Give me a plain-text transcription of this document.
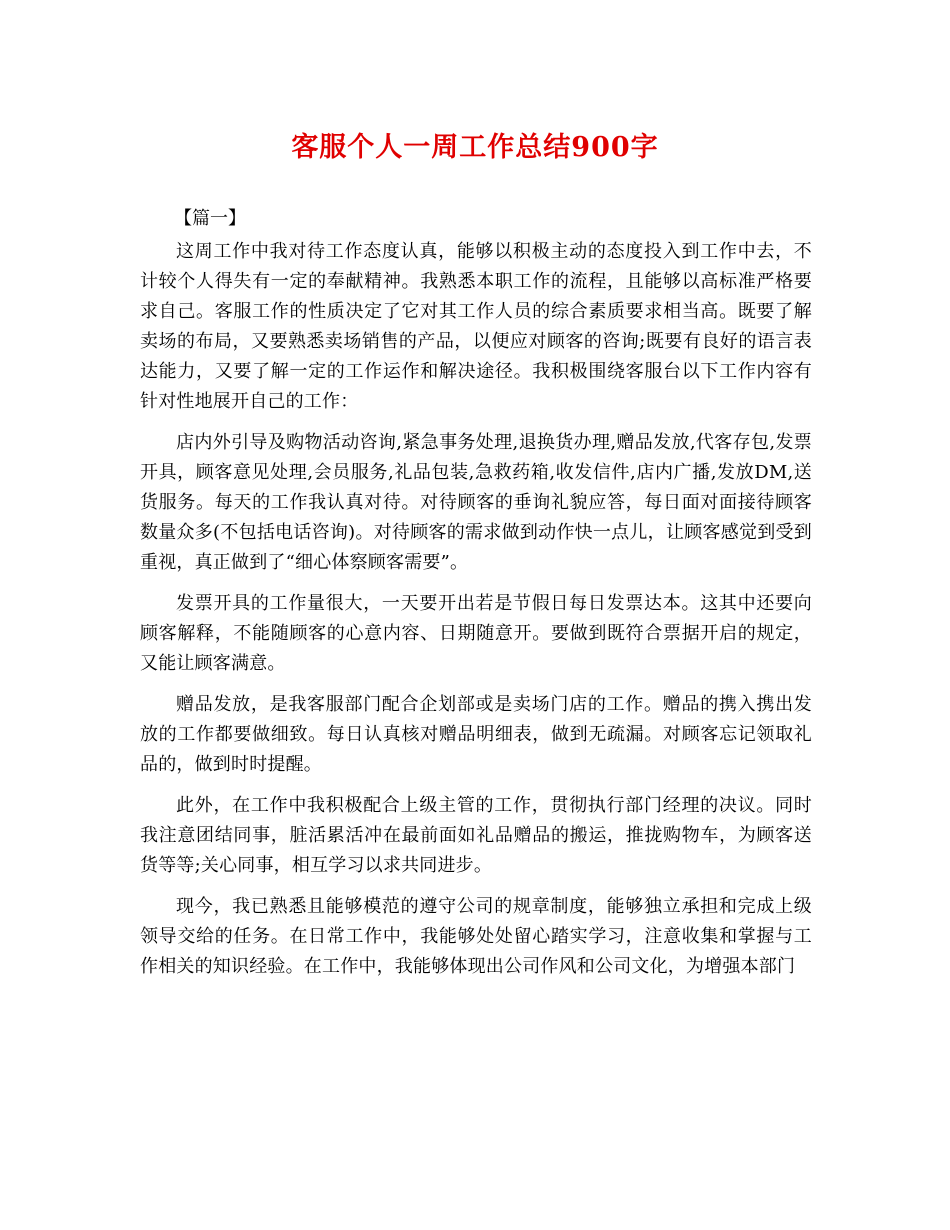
客服个人一周工作总结900字

【篇一】

这周工作中我对待工作态度认真，能够以积极主动的态度投入到工作中去，不计较个人得失有一定的奉献精神。我熟悉本职工作的流程，且能够以高标准严格要求自己。客服工作的性质决定了它对其工作人员的综合素质要求相当高。既要了解卖场的布局，又要熟悉卖场销售的产品，以便应对顾客的咨询;既要有良好的语言表达能力，又要了解一定的工作运作和解决途径。我积极围绕客服台以下工作内容有针对性地展开自己的工作：

店内外引导及购物活动咨询,紧急事务处理,退换货办理,赠品发放,代客存包,发票开具，顾客意见处理,会员服务,礼品包装,急救药箱,收发信件,店内广播,发放DM,送货服务。每天的工作我认真对待。对待顾客的垂询礼貌应答，每日面对面接待顾客数量众多(不包括电话咨询)。对待顾客的需求做到动作快一点儿，让顾客感觉到受到重视，真正做到了“细心体察顾客需要”。

发票开具的工作量很大，一天要开出若是节假日每日发票达本。这其中还要向顾客解释，不能随顾客的心意内容、日期随意开。要做到既符合票据开启的规定，又能让顾客满意。

赠品发放，是我客服部门配合企划部或是卖场门店的工作。赠品的携入携出发放的工作都要做细致。每日认真核对赠品明细表，做到无疏漏。对顾客忘记领取礼品的，做到时时提醒。

此外，在工作中我积极配合上级主管的工作，贯彻执行部门经理的决议。同时我注意团结同事，脏活累活冲在最前面如礼品赠品的搬运，推拢购物车，为顾客送货等等;关心同事，相互学习以求共同进步。

现今，我已熟悉且能够模范的遵守公司的规章制度，能够独立承担和完成上级领导交给的任务。在日常工作中，我能够处处留心踏实学习，注意收集和掌握与工作相关的知识经验。在工作中，我能够体现出公司作风和公司文化，为增强本部门
